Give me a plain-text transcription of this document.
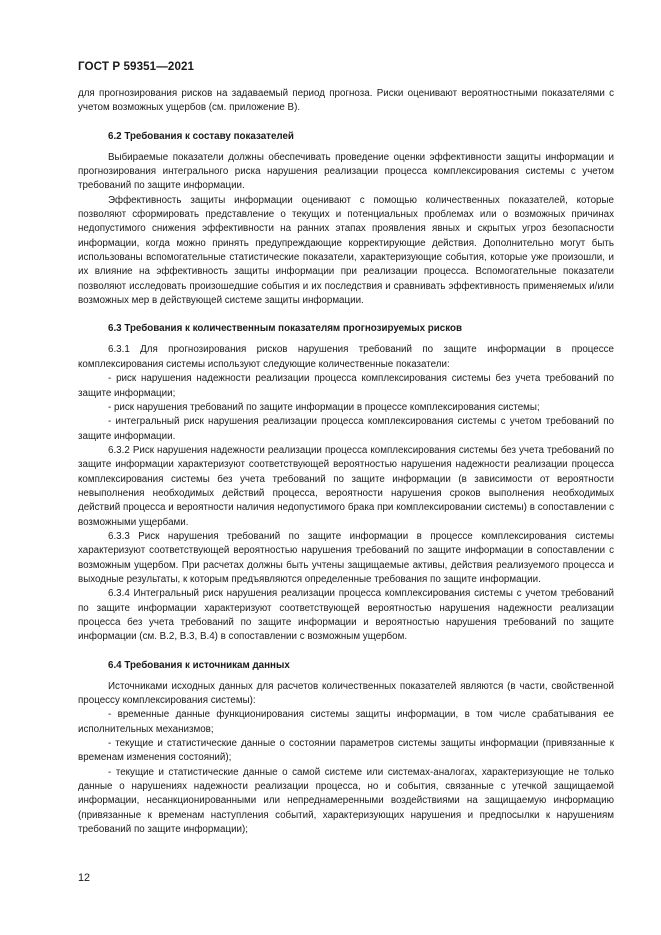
ГОСТ Р 59351—2021

для прогнозирования рисков на задаваемый период прогноза. Риски оценивают вероятностными показателями с учетом возможных ущербов (см. приложение В).

6.2 Требования к составу показателей

Выбираемые показатели должны обеспечивать проведение оценки эффективности защиты информации и прогнозирования интегрального риска нарушения реализации процесса комплексирования системы с учетом требований по защите информации.

Эффективность защиты информации оценивают с помощью количественных показателей, которые позволяют сформировать представление о текущих и потенциальных проблемах или о возможных причинах недопустимого снижения эффективности на ранних этапах проявления явных и скрытых угроз безопасности информации, когда можно принять предупреждающие корректирующие действия. Дополнительно могут быть использованы вспомогательные статистические показатели, характеризующие события, которые уже произошли, и их влияние на эффективность защиты информации при реализации процесса. Вспомогательные показатели позволяют исследовать произошедшие события и их последствия и сравнивать эффективность применяемых и/или возможных мер в действующей системе защиты информации.

6.3 Требования к количественным показателям прогнозируемых рисков

6.3.1 Для прогнозирования рисков нарушения требований по защите информации в процессе комплексирования системы используют следующие количественные показатели:

- риск нарушения надежности реализации процесса комплексирования системы без учета требований по защите информации;

- риск нарушения требований по защите информации в процессе комплексирования системы;

- интегральный риск нарушения реализации процесса комплексирования системы с учетом требований по защите информации.

6.3.2 Риск нарушения надежности реализации процесса комплексирования системы без учета требований по защите информации характеризуют соответствующей вероятностью нарушения надежности реализации процесса комплексирования системы без учета требований по защите информации (в зависимости от вероятности невыполнения необходимых действий процесса, вероятности нарушения сроков выполнения необходимых действий процесса и вероятности наличия недопустимого брака при комплексировании системы) в сопоставлении с возможными ущербами.

6.3.3 Риск нарушения требований по защите информации в процессе комплексирования системы характеризуют соответствующей вероятностью нарушения требований по защите информации в сопоставлении с возможным ущербом. При расчетах должны быть учтены защищаемые активы, действия реализуемого процесса и выходные результаты, к которым предъявляются определенные требования по защите информации.

6.3.4 Интегральный риск нарушения реализации процесса комплексирования системы с учетом требований по защите информации характеризуют соответствующей вероятностью нарушения надежности реализации процесса без учета требований по защите информации и вероятностью нарушения требований по защите информации (см. В.2, В.3, В.4) в сопоставлении с возможным ущербом.

6.4 Требования к источникам данных

Источниками исходных данных для расчетов количественных показателей являются (в части, свойственной процессу комплексирования системы):

- временные данные функционирования системы защиты информации, в том числе срабатывания ее исполнительных механизмов;

- текущие и статистические данные о состоянии параметров системы защиты информации (привязанные к временам изменения состояний);

- текущие и статистические данные о самой системе или системах-аналогах, характеризующие не только данные о нарушениях надежности реализации процесса, но и события, связанные с утечкой защищаемой информации, несанкционированными или непреднамеренными воздействиями на защищаемую информацию (привязанные к временам наступления событий, характеризующих нарушения и предпосылки к нарушениям требований по защите информации);

12
